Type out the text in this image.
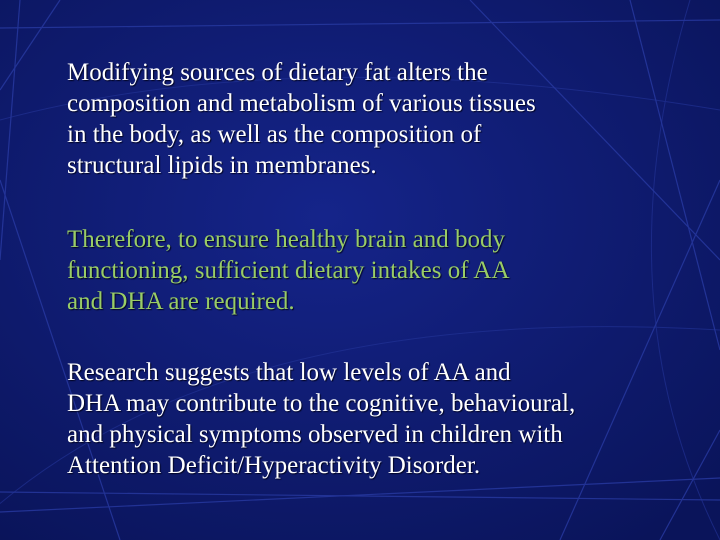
Modifying sources of dietary fat alters the
composition and metabolism of various tissues
in the body, as well as the composition of
structural lipids in membranes.

Therefore, to ensure healthy brain and body
functioning, sufficient dietary intakes of AA
and DHA are required.

Research suggests that low levels of AA and
DHA may contribute to the cognitive, behavioural,
and physical symptoms observed in children with
Attention Deficit/Hyperactivity Disorder.
